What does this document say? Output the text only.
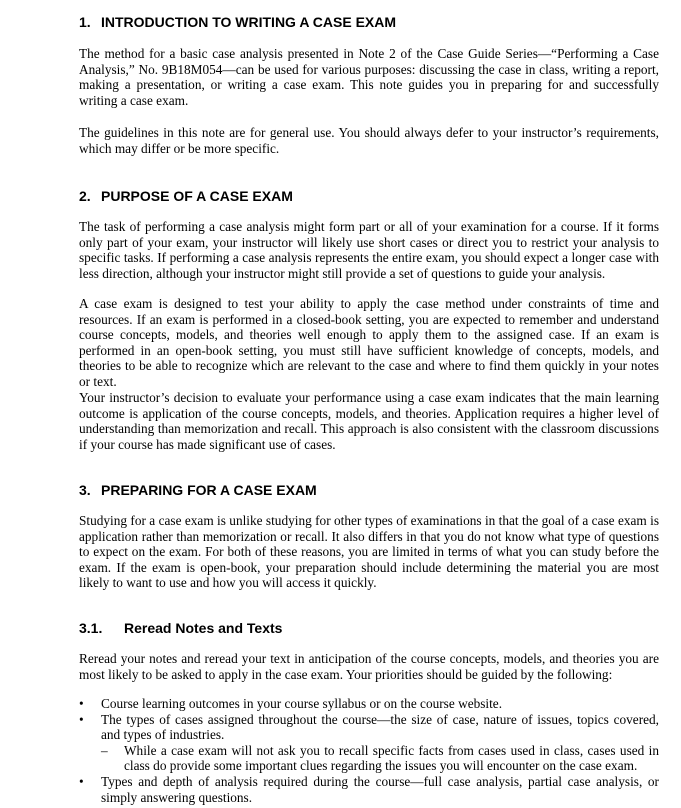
1. INTRODUCTION TO WRITING A CASE EXAM

The method for a basic case analysis presented in Note 2 of the Case Guide Series—“Performing a Case Analysis,” No. 9B18M054—can be used for various purposes: discussing the case in class, writing a report, making a presentation, or writing a case exam. This note guides you in preparing for and successfully writing a case exam.

The guidelines in this note are for general use. You should always defer to your instructor’s requirements, which may differ or be more specific.

2. PURPOSE OF A CASE EXAM

The task of performing a case analysis might form part or all of your examination for a course. If it forms only part of your exam, your instructor will likely use short cases or direct you to restrict your analysis to specific tasks. If performing a case analysis represents the entire exam, you should expect a longer case with less direction, although your instructor might still provide a set of questions to guide your analysis.

A case exam is designed to test your ability to apply the case method under constraints of time and resources. If an exam is performed in a closed-book setting, you are expected to remember and understand course concepts, models, and theories well enough to apply them to the assigned case. If an exam is performed in an open-book setting, you must still have sufficient knowledge of concepts, models, and theories to be able to recognize which are relevant to the case and where to find them quickly in your notes or text.

Your instructor’s decision to evaluate your performance using a case exam indicates that the main learning outcome is application of the course concepts, models, and theories. Application requires a higher level of understanding than memorization and recall. This approach is also consistent with the classroom discussions if your course has made significant use of cases.

3. PREPARING FOR A CASE EXAM

Studying for a case exam is unlike studying for other types of examinations in that the goal of a case exam is application rather than memorization or recall. It also differs in that you do not know what type of questions to expect on the exam. For both of these reasons, you are limited in terms of what you can study before the exam. If the exam is open-book, your preparation should include determining the material you are most likely to want to use and how you will access it quickly.

3.1. Reread Notes and Texts

Reread your notes and reread your text in anticipation of the course concepts, models, and theories you are most likely to be asked to apply in the case exam. Your priorities should be guided by the following:

•	Course learning outcomes in your course syllabus or on the course website.
•	The types of cases assigned throughout the course—the size of case, nature of issues, topics covered, and types of industries.
– While a case exam will not ask you to recall specific facts from cases used in class, cases used in class do provide some important clues regarding the issues you will encounter on the case exam.
•	Types and depth of analysis required during the course—full case analysis, partial case analysis, or simply answering questions.
